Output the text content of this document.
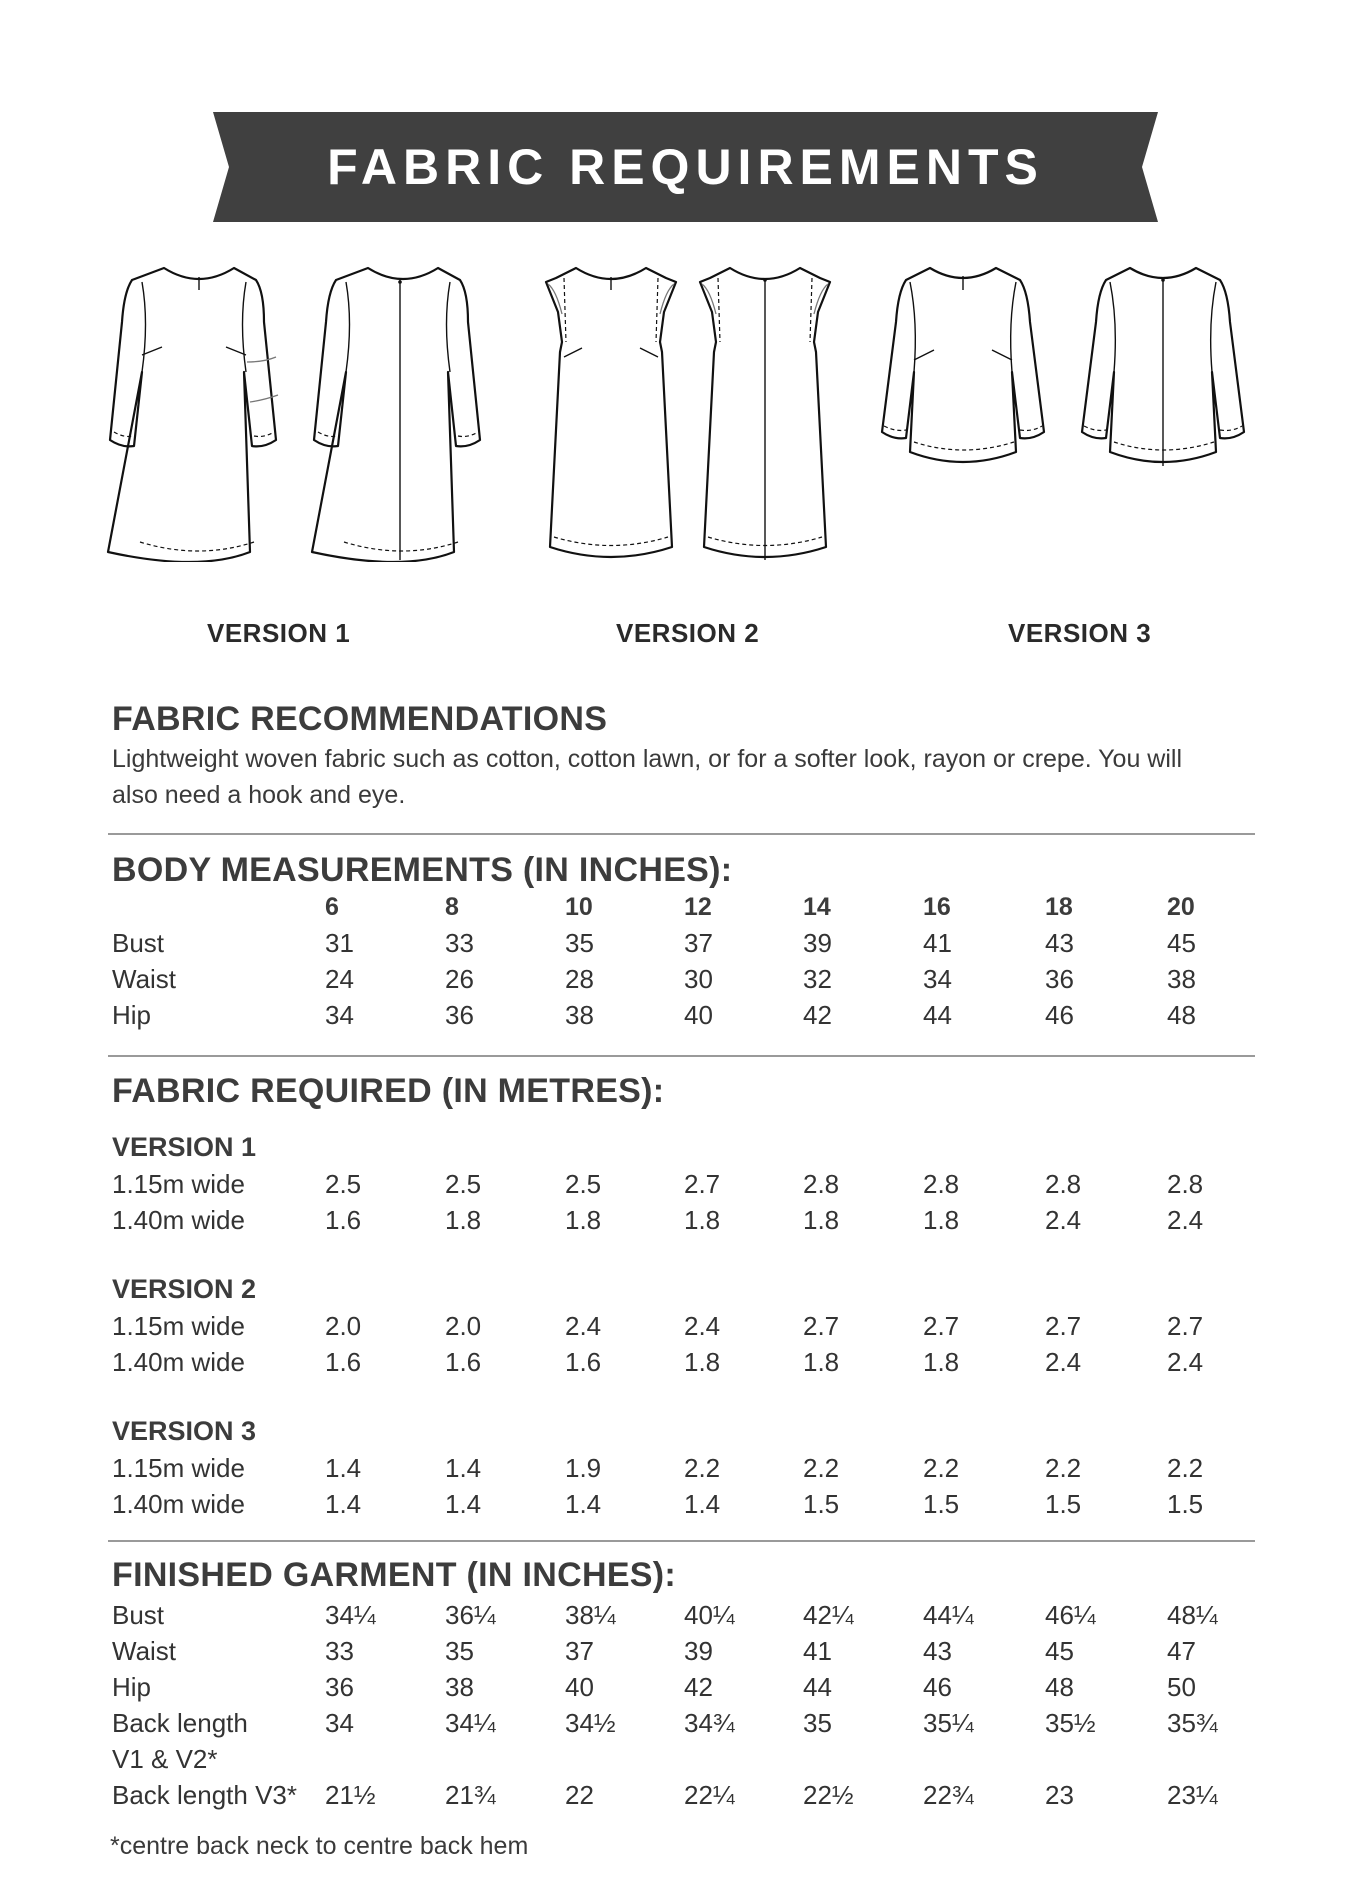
FABRIC REQUIREMENTS
VERSION 1	VERSION 2	VERSION 3
FABRIC RECOMMENDATIONS
Lightweight woven fabric such as cotton, cotton lawn, or for a softer look, rayon or crepe. You will
also need a hook and eye.
BODY MEASUREMENTS (IN INCHES):
6	8	10	12	14	16	18	20
Bust	31	33	35	37	39	41	43	45
Waist	24	26	28	30	32	34	36	38
Hip	34	36	38	40	42	44	46	48
FABRIC REQUIRED (IN METRES):
VERSION 1
1.15m wide	2.5	2.5	2.5	2.7	2.8	2.8	2.8	2.8
1.40m wide	1.6	1.8	1.8	1.8	1.8	1.8	2.4	2.4
VERSION 2
1.15m wide	2.0	2.0	2.4	2.4	2.7	2.7	2.7	2.7
1.40m wide	1.6	1.6	1.6	1.8	1.8	1.8	2.4	2.4
VERSION 3
1.15m wide	1.4	1.4	1.9	2.2	2.2	2.2	2.2	2.2
1.40m wide	1.4	1.4	1.4	1.4	1.5	1.5	1.5	1.5
FINISHED GARMENT (IN INCHES):
Bust	34¼	36¼	38¼	40¼	42¼	44¼	46¼	48¼
Waist	33	35	37	39	41	43	45	47
Hip	36	38	40	42	44	46	48	50
Back length	34	34¼	34½	34¾	35	35¼	35½	35¾
V1 & V2*
Back length V3* 21½	21¾	22	22¼	22½	22¾	23	23¼
*centre back neck to centre back hem
